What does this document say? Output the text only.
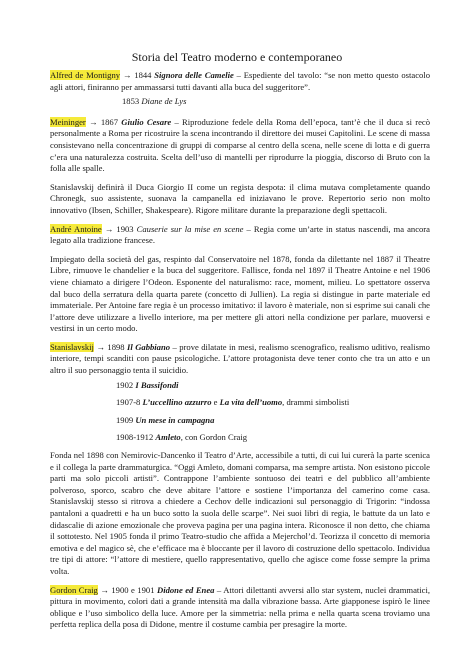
Storia del Teatro moderno e contemporaneo

Alfred de Montigny → 1844 Signora delle Camelie – Espediente del tavolo: “se non metto questo ostacolo agli attori, finiranno per ammassarsi tutti davanti alla buca del suggeritore”.

1853 Diane de Lys

Meininger → 1867 Giulio Cesare – Riproduzione fedele della Roma dell’epoca, tant’è che il duca si recò personalmente a Roma per ricostruire la scena incontrando il direttore dei musei Capitolini. Le scene di massa consistevano nella concentrazione di gruppi di comparse al centro della scena, nelle scene di lotta e di guerra c’era una naturalezza costruita. Scelta dell’uso di mantelli per riprodurre la pioggia, discorso di Bruto con la folla alle spalle.

Stanislavskij definirà il Duca Giorgio II come un regista despota: il clima mutava completamente quando Chronegk, suo assistente, suonava la campanella ed iniziavano le prove. Repertorio serio non molto innovativo (Ibsen, Schiller, Shakespeare). Rigore militare durante la preparazione degli spettacoli.

André Antoine → 1903 Causerie sur la mise en scene – Regia come un’arte in status nascendi, ma ancora legato alla tradizione francese.

Impiegato della società del gas, respinto dal Conservatoire nel 1878, fonda da dilettante nel 1887 il Theatre Libre, rimuove le chandelier e la buca del suggeritore. Fallisce, fonda nel 1897 il Theatre Antoine e nel 1906 viene chiamato a dirigere l’Odeon. Esponente del naturalismo: race, moment, milieu. Lo spettatore osserva dal buco della serratura della quarta parete (concetto di Jullien). La regia si distingue in parte materiale ed immateriale. Per Antoine fare regia è un processo imitativo: il lavoro è materiale, non si esprime sui canali che l’attore deve utilizzare a livello interiore, ma per mettere gli attori nella condizione per parlare, muoversi e vestirsi in un certo modo.

Stanislavskij → 1898 Il Gabbiano – prove dilatate in mesi, realismo scenografico, realismo uditivo, realismo interiore, tempi scanditi con pause psicologiche. L’attore protagonista deve tener conto che tra un atto e un altro il suo personaggio tenta il suicidio.

1902 I Bassifondi
1907-8 L’uccellino azzurro e La vita dell’uomo, drammi simbolisti
1909 Un mese in campagna
1908-1912 Amleto, con Gordon Craig

Fonda nel 1898 con Nemirovic-Dancenko il Teatro d’Arte, accessibile a tutti, di cui lui curerà la parte scenica e il collega la parte drammaturgica. “Oggi Amleto, domani comparsa, ma sempre artista. Non esistono piccole parti ma solo piccoli artisti”. Contrappone l’ambiente sontuoso dei teatri e del pubblico all’ambiente polveroso, sporco, scabro che deve abitare l’attore e sostiene l’importanza del camerino come casa. Stanislavskij stesso si ritrova a chiedere a Cechov delle indicazioni sul personaggio di Trigorin: “indossa pantaloni a quadretti e ha un buco sotto la suola delle scarpe”. Nei suoi libri di regia, le battute da un lato e didascalie di azione emozionale che proveva pagina per una pagina intera. Riconosce il non detto, che chiama il sottotesto. Nel 1905 fonda il primo Teatro-studio che affida a Mejerchol’d. Teorizza il concetto di memoria emotiva e del magico sè, che e’efficace ma è bloccante per il lavoro di costruzione dello spettacolo. Individua tre tipi di attore: “l’attore di mestiere, quello rappresentativo, quello che agisce come fosse sempre la prima volta.

Gordon Craig → 1900 e 1901 Didone ed Enea – Attori dilettanti avversi allo star system, nuclei drammatici, pittura in movimento, colori dati a grande intensità ma dalla vibrazione bassa. Arte giapponese ispirò le linee oblique e l’uso simbolico della luce. Amore per la simmetria: nella prima e nella quarta scena troviamo una perfetta replica della posa di Didone, mentre il costume cambia per presagire la morte.
